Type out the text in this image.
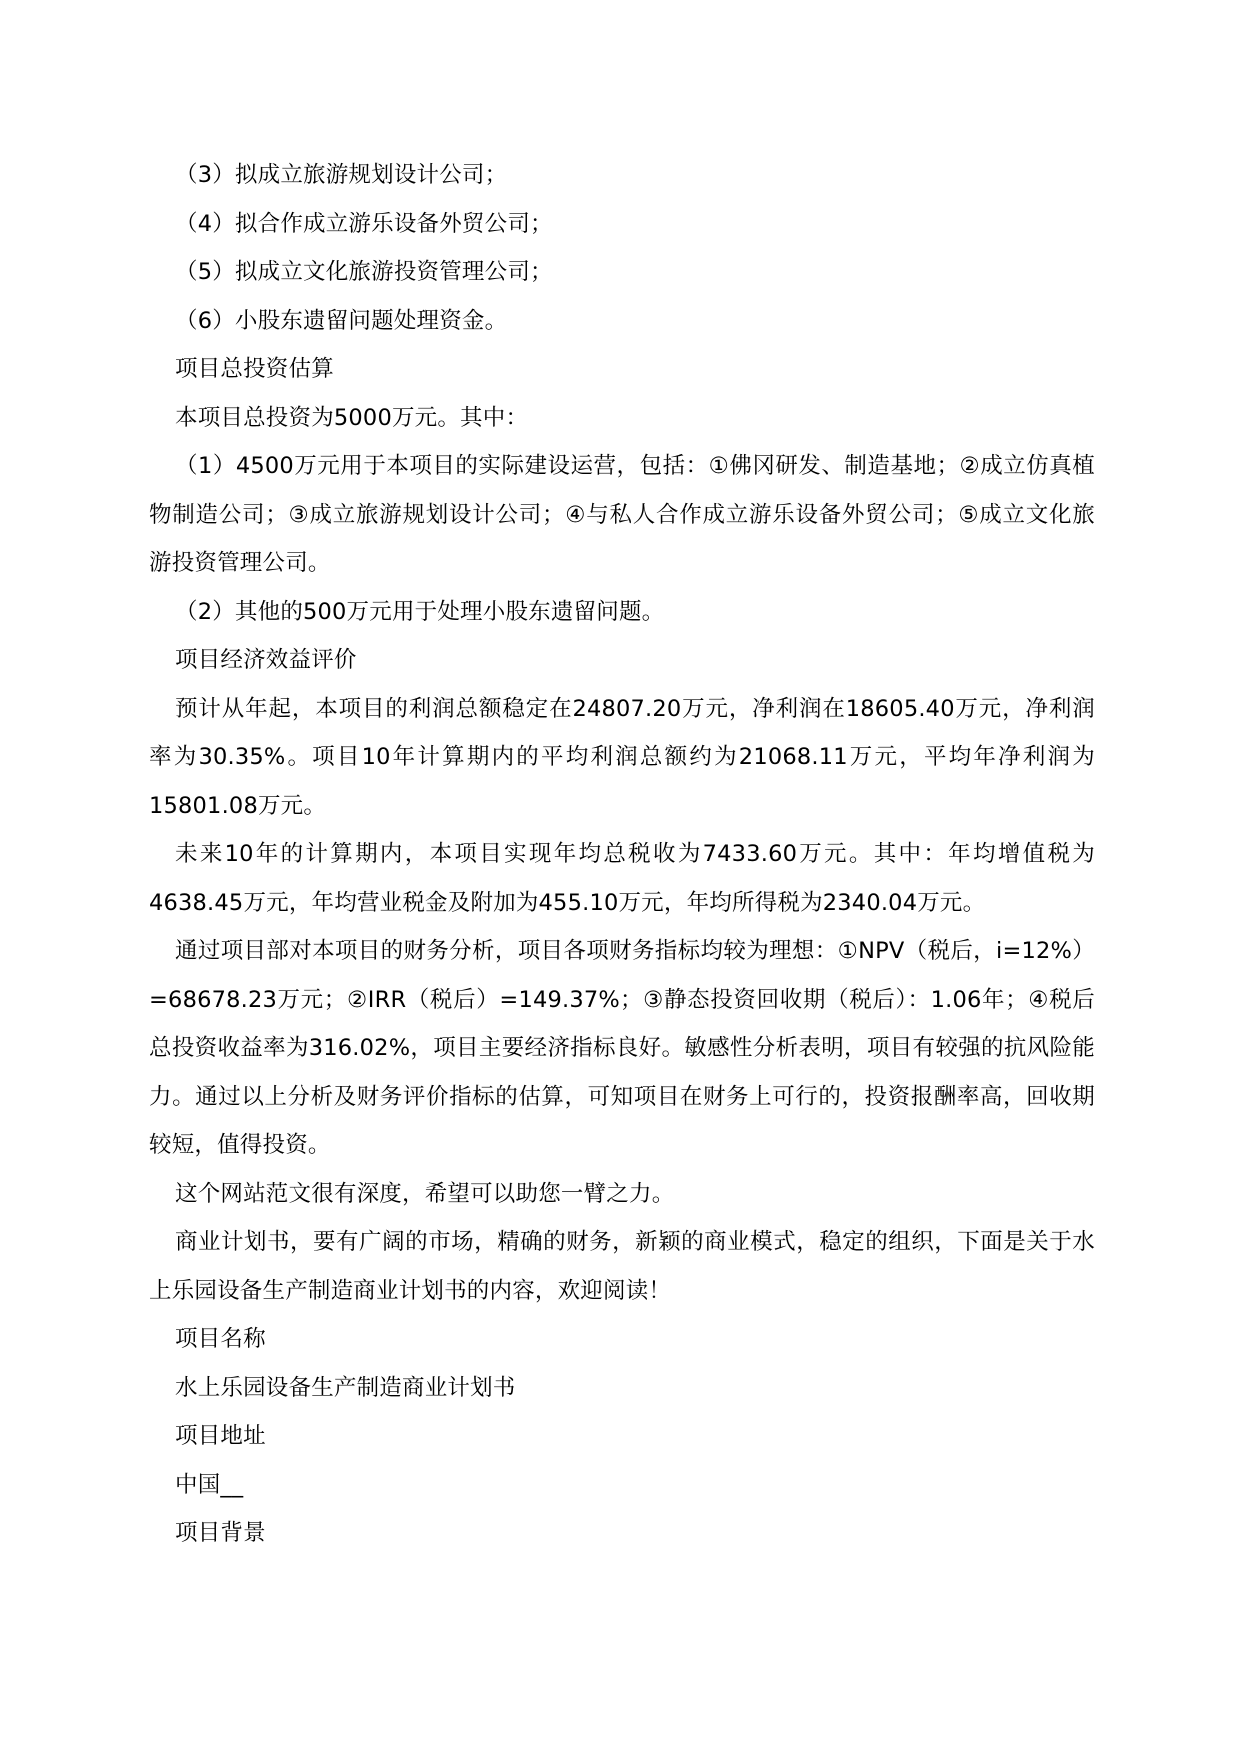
（3）拟成立旅游规划设计公司；

（4）拟合作成立游乐设备外贸公司；

（5）拟成立文化旅游投资管理公司；

（6）小股东遗留问题处理资金。

项目总投资估算

本项目总投资为5000万元。其中：

（1）4500万元用于本项目的实际建设运营，包括：①佛冈研发、制造基地；②成立仿真植物制造公司；③成立旅游规划设计公司；④与私人合作成立游乐设备外贸公司；⑤成立文化旅游投资管理公司。

（2）其他的500万元用于处理小股东遗留问题。

项目经济效益评价

预计从年起，本项目的利润总额稳定在24807.20万元，净利润在18605.40万元，净利润率为30.35%。项目10年计算期内的平均利润总额约为21068.11万元，平均年净利润为15801.08万元。

未来10年的计算期内，本项目实现年均总税收为7433.60万元。其中：年均增值税为4638.45万元，年均营业税金及附加为455.10万元，年均所得税为2340.04万元。

通过项目部对本项目的财务分析，项目各项财务指标均较为理想：①NPV（税后，i=12%）=68678.23万元；②IRR（税后）=149.37%；③静态投资回收期（税后）：1.06年；④税后总投资收益率为316.02%，项目主要经济指标良好。敏感性分析表明，项目有较强的抗风险能力。通过以上分析及财务评价指标的估算，可知项目在财务上可行的，投资报酬率高，回收期较短，值得投资。

这个网站范文很有深度，希望可以助您一臂之力。

商业计划书，要有广阔的市场，精确的财务，新颖的商业模式，稳定的组织，下面是关于水上乐园设备生产制造商业计划书的内容，欢迎阅读！

项目名称

水上乐园设备生产制造商业计划书

项目地址

中国__

项目背景
